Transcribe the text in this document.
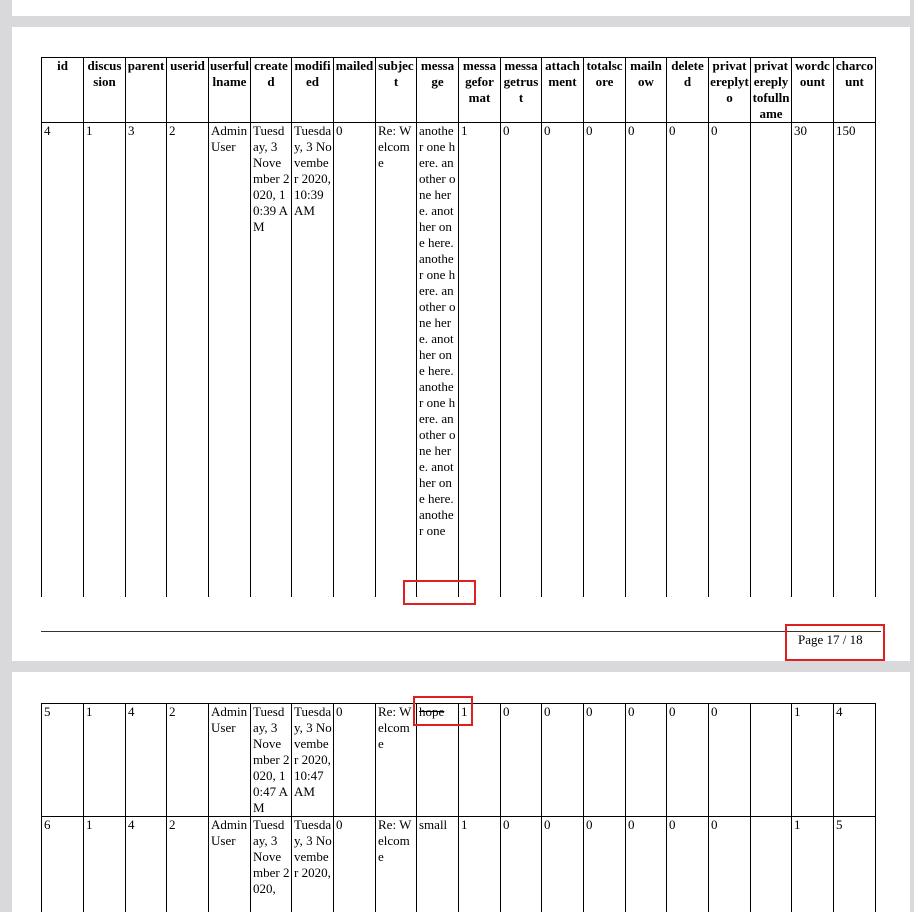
id	discussion	parent	userid	userfullname	created	modified	mailed	subject	message	messageformat	messagetrust	attachment	totalscore	mailnow	deleted	privatereplyto	privatereplytofullname	wordcount	charcount
4	1	3	2	Admin User	Tuesday, 3 November 2020, 10:39 AM	Tuesday, 3 November 2020, 10:39 AM	0	Re: Welcome	another one here. another one here. another one here. another one here. another one here. another one here. another one here. another one here. another one here. another one	1	0	0	0	0	0	0		30	150
Page 17 / 18
5	1	4	2	Admin User	Tuesday, 3 November 2020, 10:47 AM	Tuesday, 3 November 2020, 10:47 AM	0	Re: Welcome	hope	1	0	0	0	0	0	0		1	4
6	1	4	2	Admin User	Tuesday, 3 November 2020,	Tuesday, 3 November 2020,	0	Re: Welcome	small	1	0	0	0	0	0	0		1	5
